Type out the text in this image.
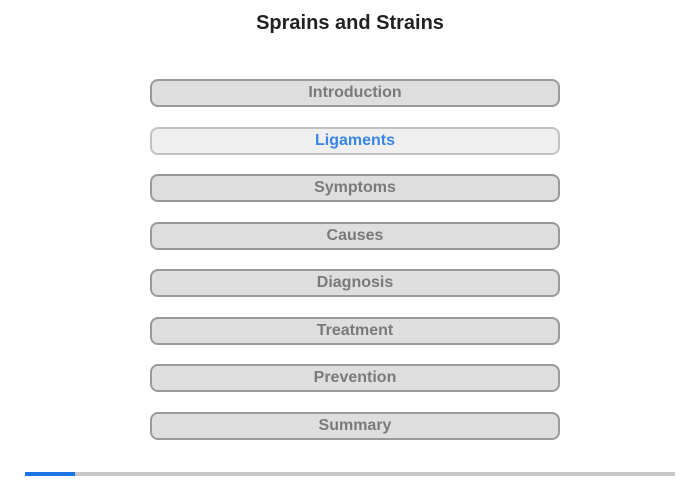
Sprains and Strains
Introduction
Ligaments
Symptoms
Causes
Diagnosis
Treatment
Prevention
Summary
